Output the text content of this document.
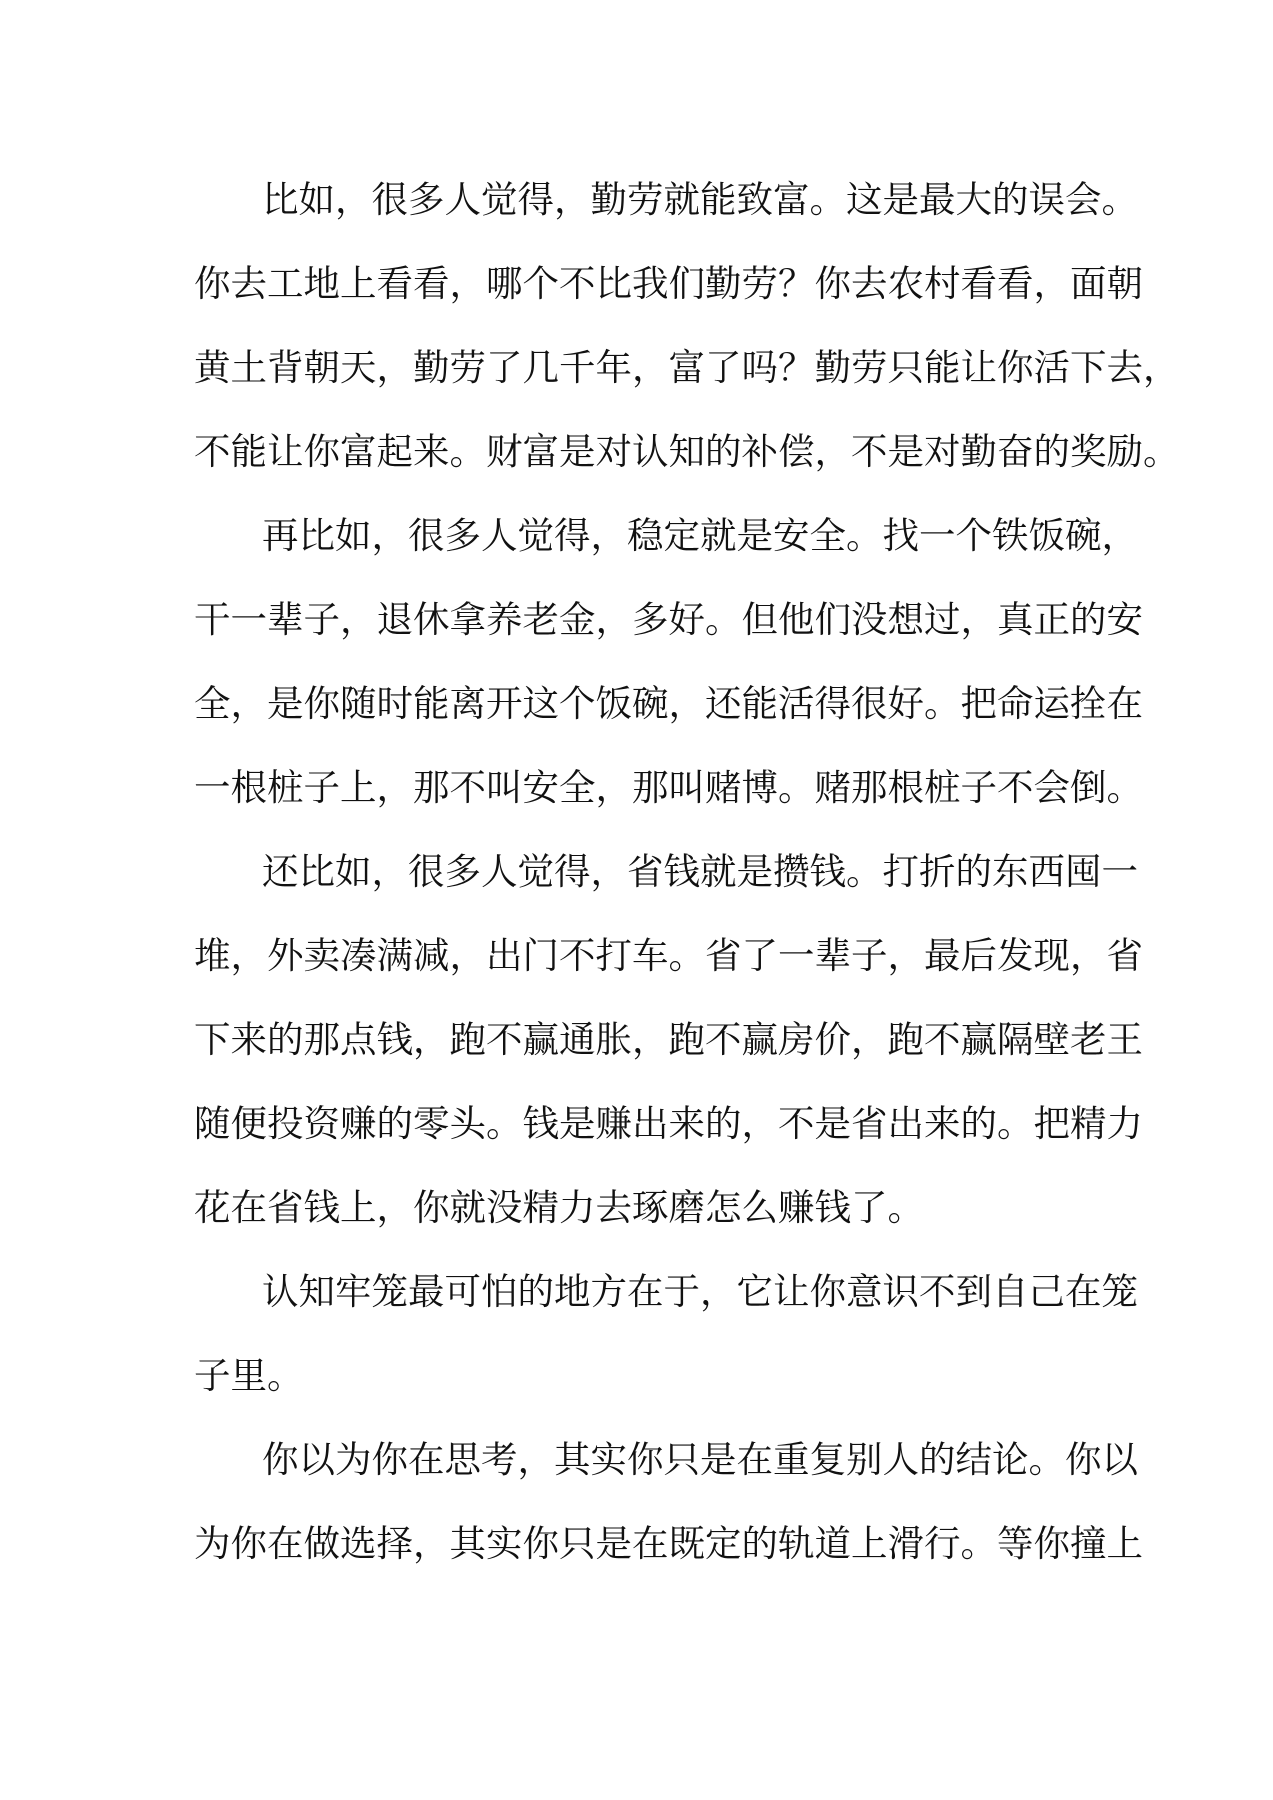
比如，很多人觉得，勤劳就能致富。这是最大的误会。
你去工地上看看，哪个不比我们勤劳？你去农村看看，面朝
黄土背朝天，勤劳了几千年，富了吗？勤劳只能让你活下去，
不能让你富起来。财富是对认知的补偿，不是对勤奋的奖励。
再比如，很多人觉得，稳定就是安全。找一个铁饭碗，
干一辈子，退休拿养老金，多好。但他们没想过，真正的安
全，是你随时能离开这个饭碗，还能活得很好。把命运拴在
一根桩子上，那不叫安全，那叫赌博。赌那根桩子不会倒。
还比如，很多人觉得，省钱就是攒钱。打折的东西囤一
堆，外卖凑满减，出门不打车。省了一辈子，最后发现，省
下来的那点钱，跑不赢通胀，跑不赢房价，跑不赢隔壁老王
随便投资赚的零头。钱是赚出来的，不是省出来的。把精力
花在省钱上，你就没精力去琢磨怎么赚钱了。
认知牢笼最可怕的地方在于，它让你意识不到自己在笼
子里。
你以为你在思考，其实你只是在重复别人的结论。你以
为你在做选择，其实你只是在既定的轨道上滑行。等你撞上
